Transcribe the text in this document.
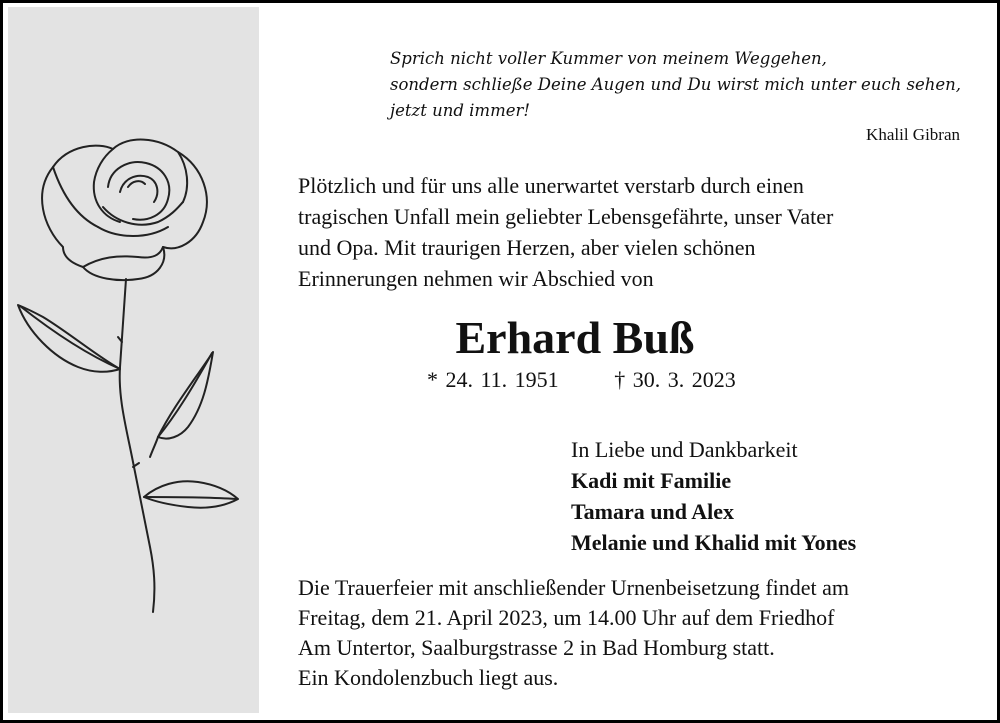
Sprich nicht voller Kummer von meinem Weggehen,
sondern schließe Deine Augen und Du wirst mich unter euch sehen,
jetzt und immer!
Khalil Gibran
Plötzlich und für uns alle unerwartet verstarb durch einen
tragischen Unfall mein geliebter Lebensgefährte, unser Vater
und Opa. Mit traurigen Herzen, aber vielen schönen
Erinnerungen nehmen wir Abschied von
Erhard Buß
* 24. 11. 1951	† 30. 3. 2023
In Liebe und Dankbarkeit
Kadi mit Familie
Tamara und Alex
Melanie und Khalid mit Yones
Die Trauerfeier mit anschließender Urnenbeisetzung findet am
Freitag, dem 21. April 2023, um 14.00 Uhr auf dem Friedhof
Am Untertor, Saalburgstrasse 2 in Bad Homburg statt.
Ein Kondolenzbuch liegt aus.
